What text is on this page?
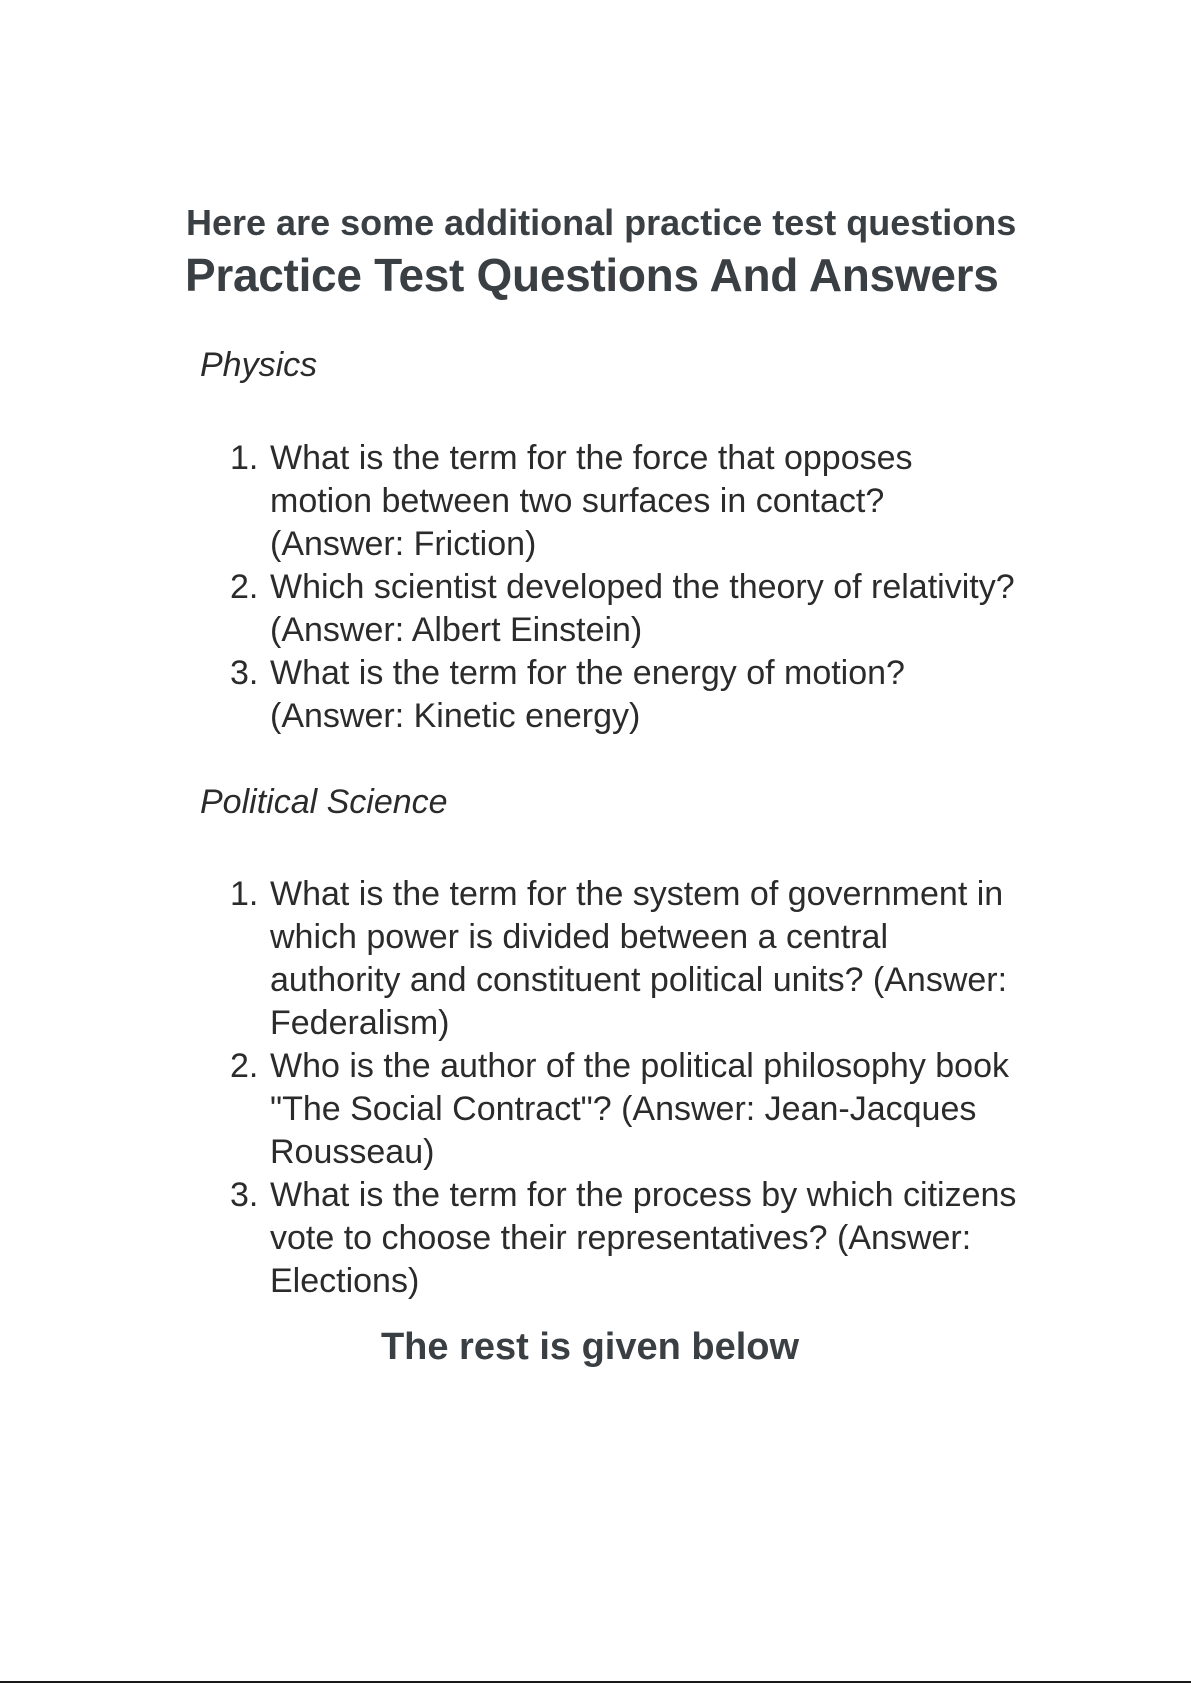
Here are some additional practice test questions
Practice Test Questions And Answers
Physics
1. What is the term for the force that opposes motion between two surfaces in contact? (Answer: Friction)
2. Which scientist developed the theory of relativity? (Answer: Albert Einstein)
3. What is the term for the energy of motion? (Answer: Kinetic energy)
Political Science
1. What is the term for the system of government in which power is divided between a central authority and constituent political units? (Answer: Federalism)
2. Who is the author of the political philosophy book "The Social Contract"? (Answer: Jean-Jacques Rousseau)
3. What is the term for the process by which citizens vote to choose their representatives? (Answer: Elections)

The rest is given below
